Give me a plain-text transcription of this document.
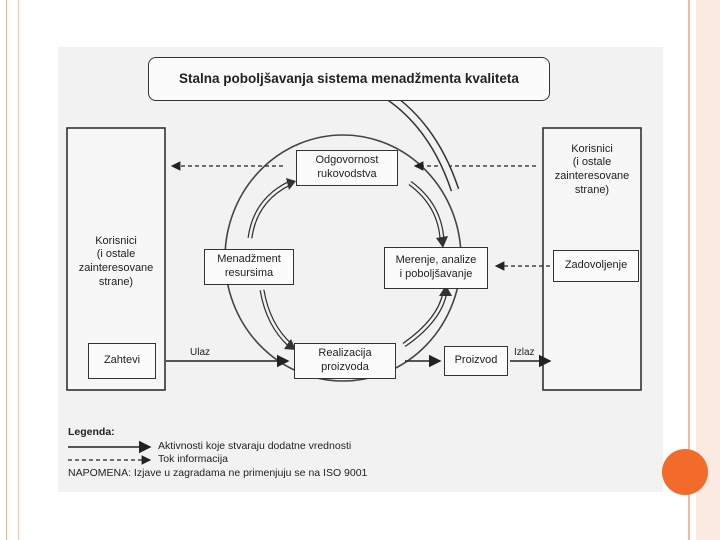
Stalna poboljšavanja sistema menadžmenta kvaliteta
Korisnici
(i ostale
zainteresovane
strane)
Korisnici
(i ostale
zainteresovane
strane)
Zahtevi
Zadovoljenje
Odgovornost
rukovodstva
Menadžment
resursima
Merenje, analize
i poboljšavanje
Realizacija
proizvoda
Proizvod
Ulaz	Izlaz
Legenda:
Aktivnosti koje stvaraju dodatne vrednosti
Tok informacija
NAPOMENA: Izjave u zagradama ne primenjuju se na ISO 9001
